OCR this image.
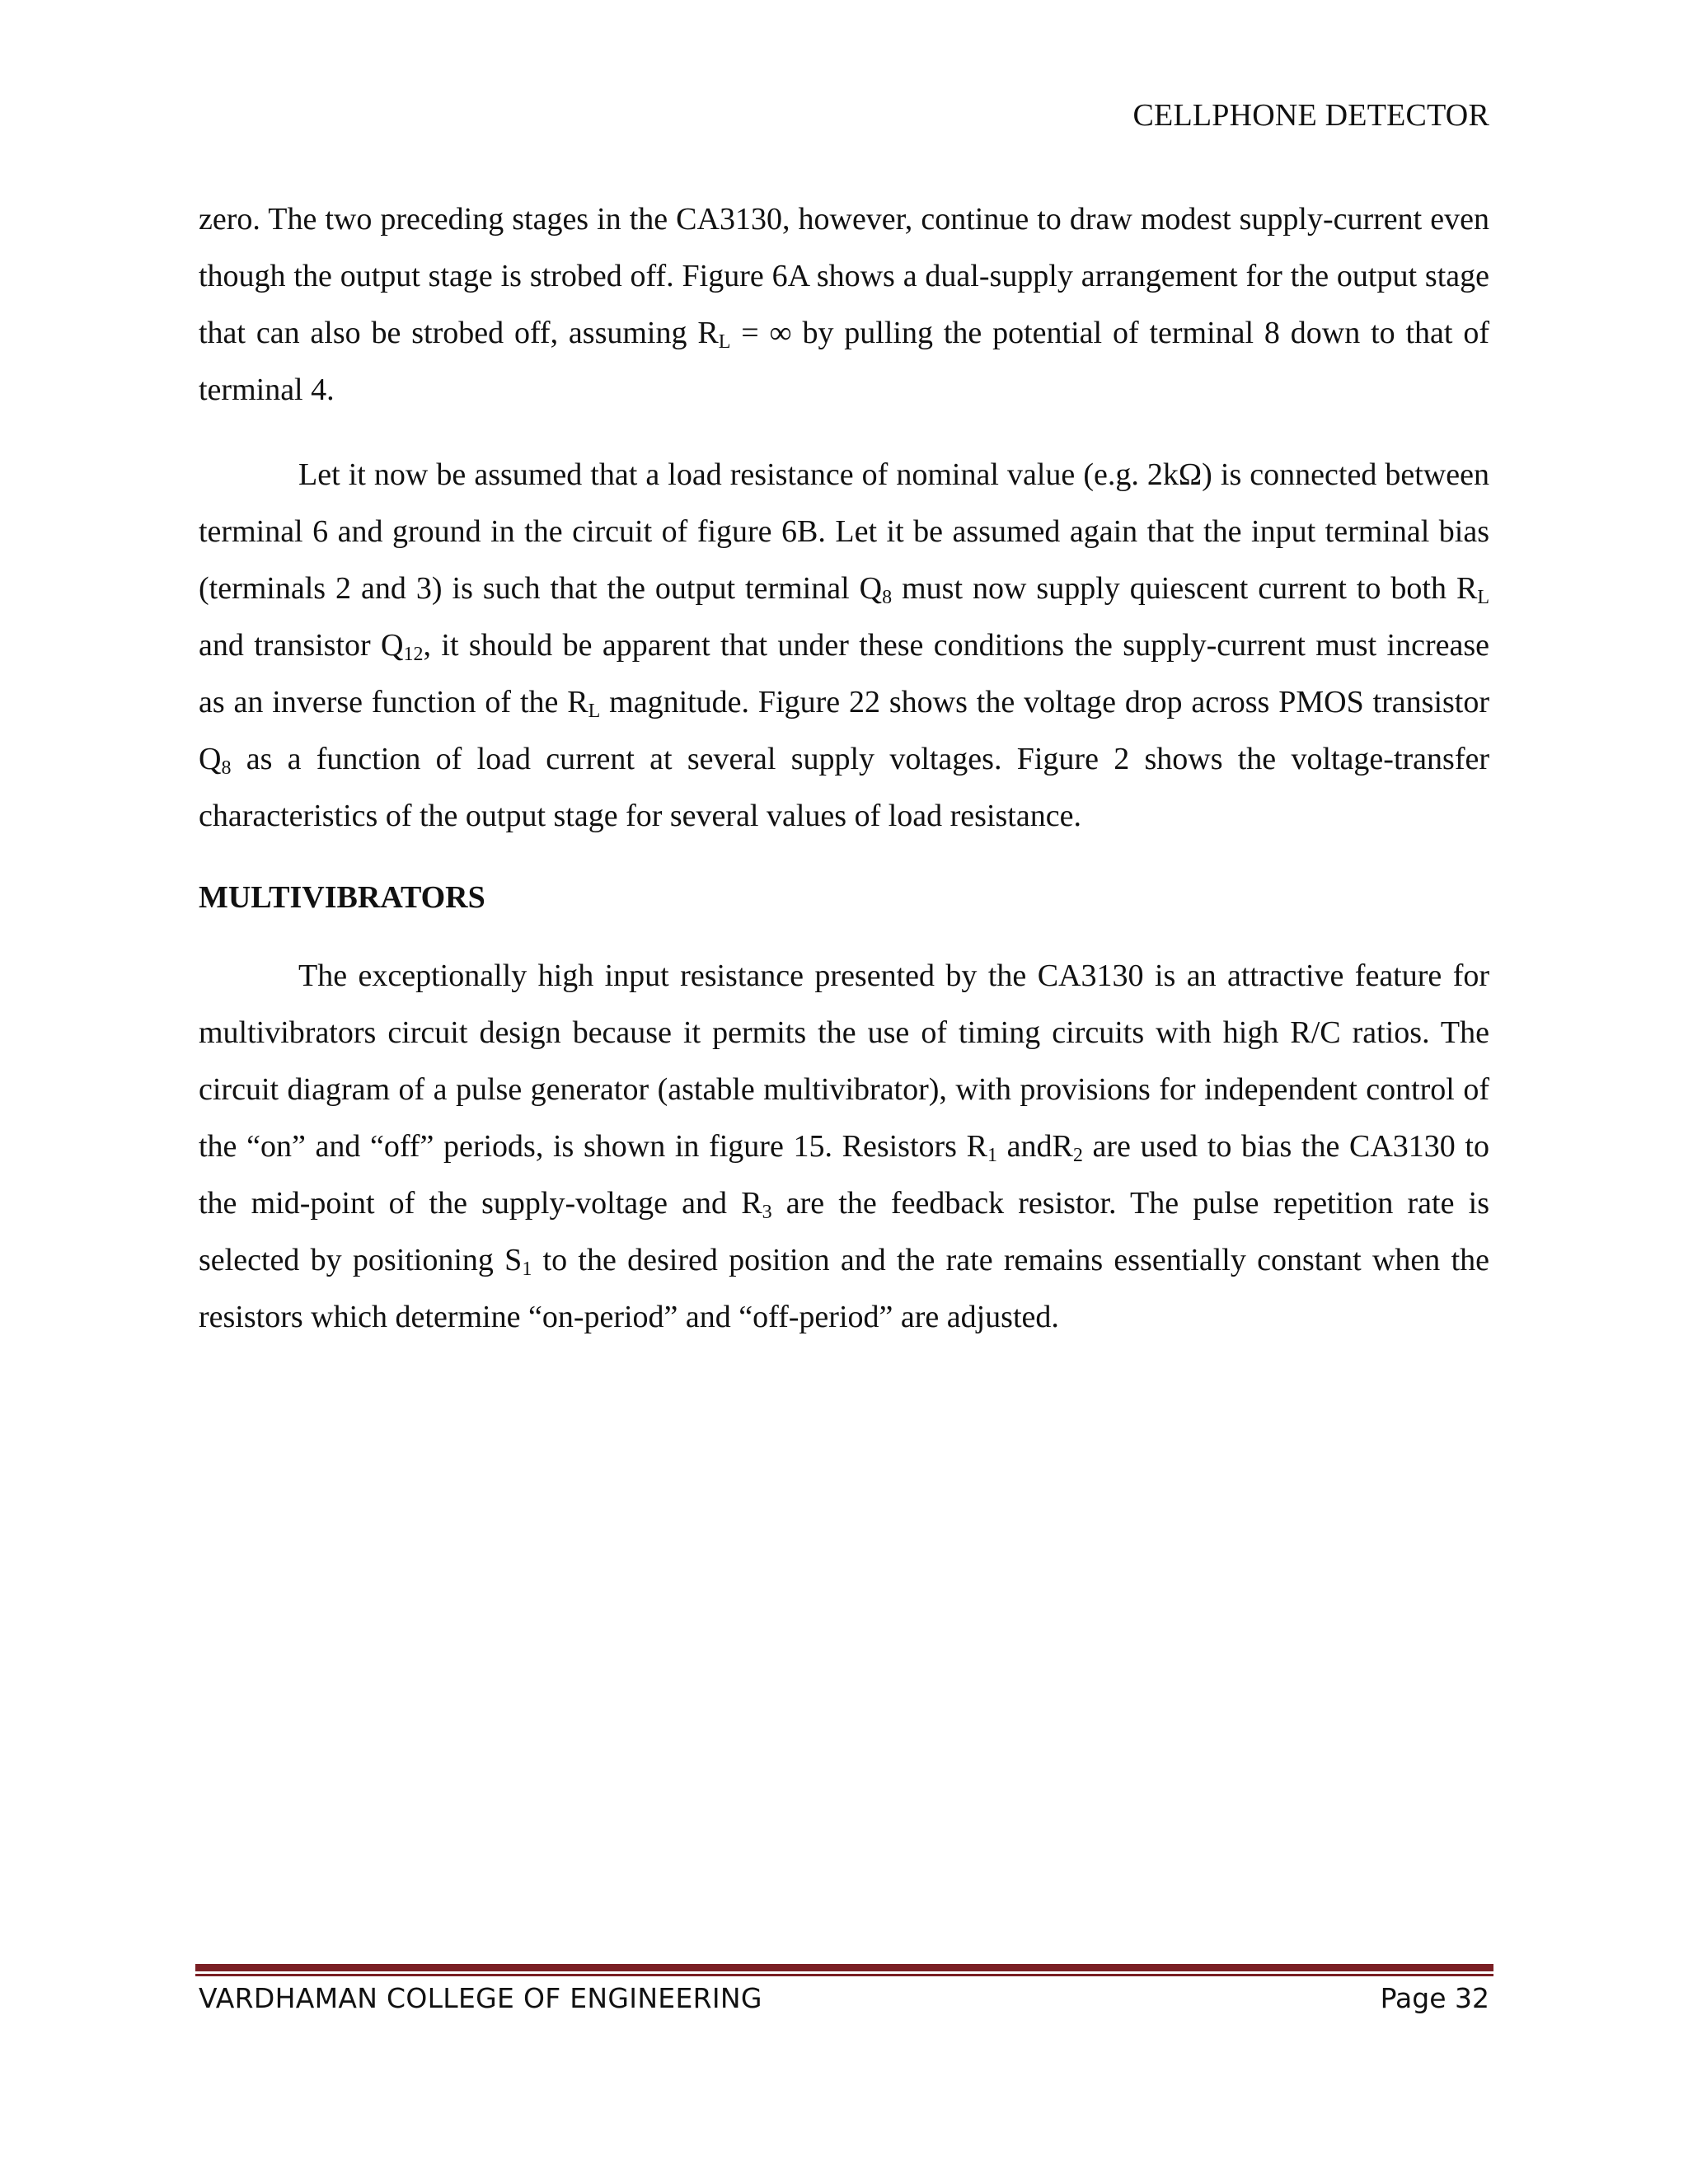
CELLPHONE DETECTOR

zero. The two preceding stages in the CA3130, however, continue to draw modest supply-current even though the output stage is strobed off. Figure 6A shows a dual-supply arrangement for the output stage that can also be strobed off, assuming $R_L$ = ∞ by pulling the potential of terminal 8 down to that of terminal 4.

Let it now be assumed that a load resistance of nominal value (e.g. 2kΩ) is connected between terminal 6 and ground in the circuit of figure 6B. Let it be assumed again that the input terminal bias (terminals 2 and 3) is such that the output terminal $Q_8$ must now supply quiescent current to both $R_L$ and transistor $Q_{12}$, it should be apparent that under these conditions the supply-current must increase as an inverse function of the $R_L$ magnitude. Figure 22 shows the voltage drop across PMOS transistor $Q_8$ as a function of load current at several supply voltages. Figure 2 shows the voltage-transfer characteristics of the output stage for several values of load resistance.

MULTIVIBRATORS

The exceptionally high input resistance presented by the CA3130 is an attractive feature for multivibrators circuit design because it permits the use of timing circuits with high R/C ratios. The circuit diagram of a pulse generator (astable multivibrator), with provisions for independent control of the “on” and “off” periods, is shown in figure 15. Resistors $R_1$ andR$_2$ are used to bias the CA3130 to the mid-point of the supply-voltage and $R_3$ are the feedback resistor. The pulse repetition rate is selected by positioning $S_1$ to the desired position and the rate remains essentially constant when the resistors which determine “on-period” and “off-period” are adjusted.

VARDHAMAN COLLEGE OF ENGINEERING	Page 32
